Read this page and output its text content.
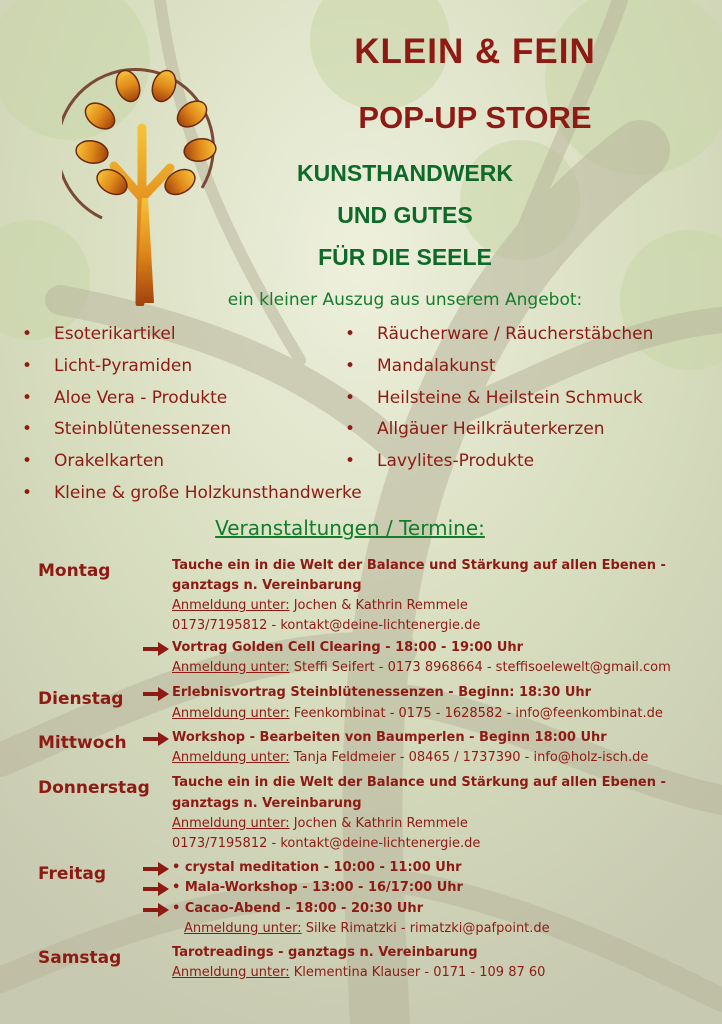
KLEIN & FEIN
POP-UP STORE
KUNSTHANDWERK
UND GUTES
FÜR DIE SEELE
ein kleiner Auszug aus unserem Angebot:
• Esoterikartikel
• Licht-Pyramiden
• Aloe Vera - Produkte
• Steinblütenessenzen
• Orakelkarten
• Kleine & große Holzkunsthandwerke
• Räucherware / Räucherstäbchen
• Mandalakunst
• Heilsteine & Heilstein Schmuck
• Allgäuer Heilkräuterkerzen
• Lavylites-Produkte
Veranstaltungen / Termine:
Montag	Tauche ein in die Welt der Balance und Stärkung auf allen Ebenen -
ganztags n. Vereinbarung
Anmeldung unter: Jochen & Kathrin Remmele
0173/7195812 - kontakt@deine-lichtenergie.de
Vortrag Golden Cell Clearing - 18:00 - 19:00 Uhr
Anmeldung unter: Steffi Seifert - 0173 8968664 - steffisoelewelt@gmail.com
Dienstag	Erlebnisvortrag Steinblütenessenzen - Beginn: 18:30 Uhr
Anmeldung unter: Feenkombinat - 0175 - 1628582 - info@feenkombinat.de
Mittwoch	Workshop - Bearbeiten von Baumperlen - Beginn 18:00 Uhr
Anmeldung unter: Tanja Feldmeier - 08465 / 1737390 - info@holz-isch.de
Donnerstag Tauche ein in die Welt der Balance und Stärkung auf allen Ebenen -
ganztags n. Vereinbarung
Anmeldung unter: Jochen & Kathrin Remmele
0173/7195812 - kontakt@deine-lichtenergie.de
Freitag	• crystal meditation - 10:00 - 11:00 Uhr
• Mala-Workshop - 13:00 - 16/17:00 Uhr
• Cacao-Abend - 18:00 - 20:30 Uhr
Anmeldung unter: Silke Rimatzki - rimatzki@pafpoint.de
Samstag	Tarotreadings - ganztags n. Vereinbarung
Anmeldung unter: Klementina Klauser - 0171 - 109 87 60
